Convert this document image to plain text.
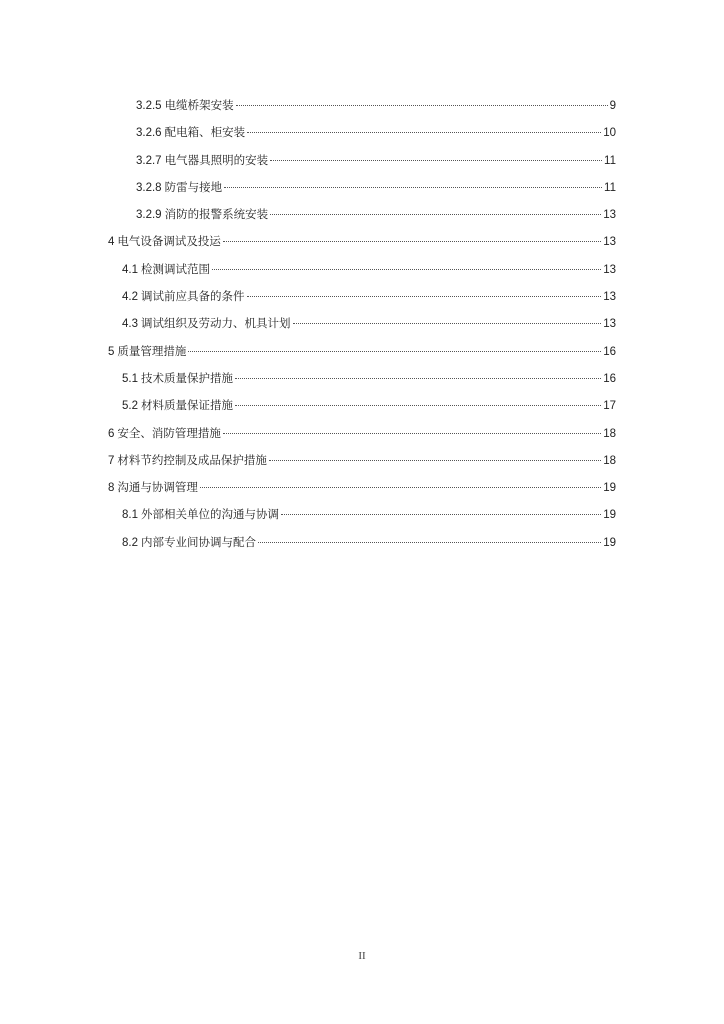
3.2.5 电缆桥架安装	9
3.2.6 配电箱、柜安装	10
3.2.7 电气器具照明的安装	11
3.2.8 防雷与接地	11
3.2.9 消防的报警系统安装	13
4 电气设备调试及投运	13
4.1 检测调试范围	13
4.2 调试前应具备的条件	13
4.3 调试组织及劳动力、机具计划	13
5 质量管理措施	16
5.1 技术质量保护措施	16
5.2 材料质量保证措施	17
6 安全、消防管理措施	18
7 材料节约控制及成品保护措施	18
8 沟通与协调管理	19
8.1 外部相关单位的沟通与协调	19
8.2 内部专业间协调与配合	19
II
